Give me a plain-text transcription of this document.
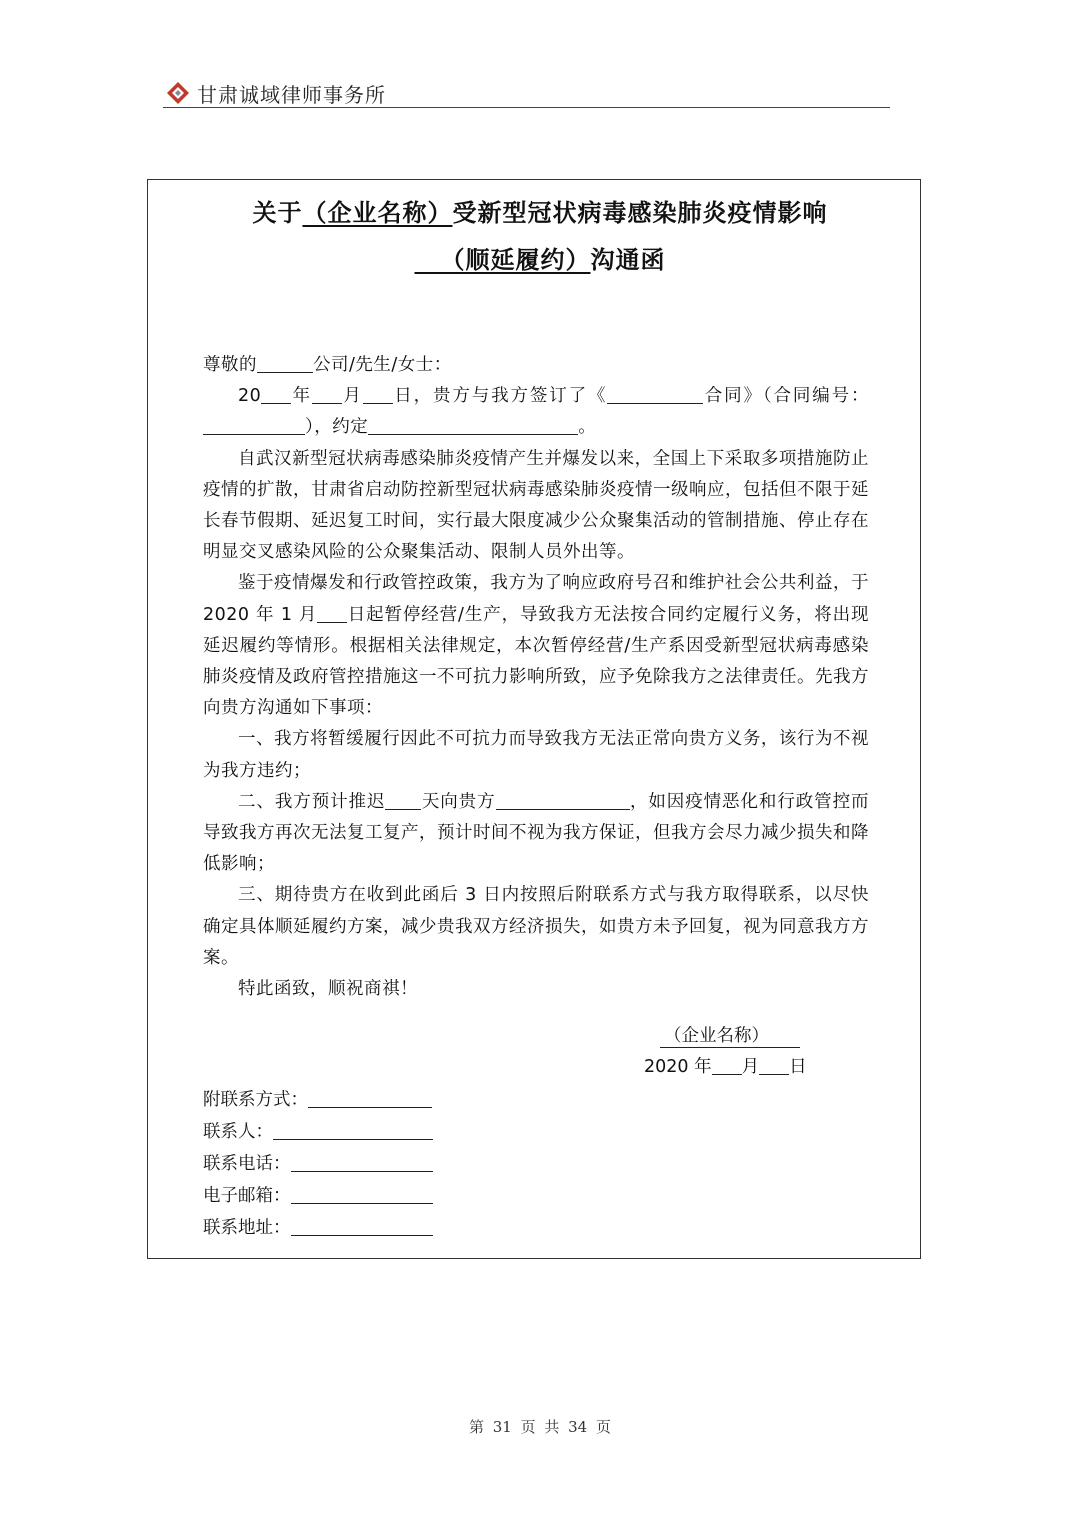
甘肃诚域律师事务所
关于（企业名称）受新型冠状病毒感染肺炎疫情影响
  （顺延履约）沟通函

尊敬的	公司/先生/女士：

20 年 月 日，贵方与我方签订了《	合同》（合同编号：），约定	。

自武汉新型冠状病毒感染肺炎疫情产生并爆发以来，全国上下采取多项措施防止疫情的扩散，甘肃省启动防控新型冠状病毒感染肺炎疫情一级响应，包括但不限于延长春节假期、延迟复工时间，实行最大限度减少公众聚集活动的管制措施、停止存在明显交叉感染风险的公众聚集活动、限制人员外出等。

鉴于疫情爆发和行政管控政策，我方为了响应政府号召和维护社会公共利益，于 2020 年 1 月 日起暂停经营/生产，导致我方无法按合同约定履行义务，将出现延迟履约等情形。根据相关法律规定，本次暂停经营/生产系因受新型冠状病毒感染肺炎疫情及政府管控措施这一不可抗力影响所致，应予免除我方之法律责任。先我方向贵方沟通如下事项：

一、我方将暂缓履行因此不可抗力而导致我方无法正常向贵方义务，该行为不视为我方违约；

二、我方预计推迟 天向贵方	，如因疫情恶化和行政管控而导致我方再次无法复工复产，预计时间不视为我方保证，但我方会尽力减少损失和降低影响；

三、期待贵方在收到此函后 3 日内按照后附联系方式与我方取得联系，以尽快确定具体顺延履约方案，减少贵我双方经济损失，如贵方未予回复，视为同意我方方案。

特此函致，顺祝商祺！

（企业名称）
2020 年 月 日
附联系方式：
联系人：
联系电话：
电子邮箱：
联系地址：
第 31 页 共 34 页
